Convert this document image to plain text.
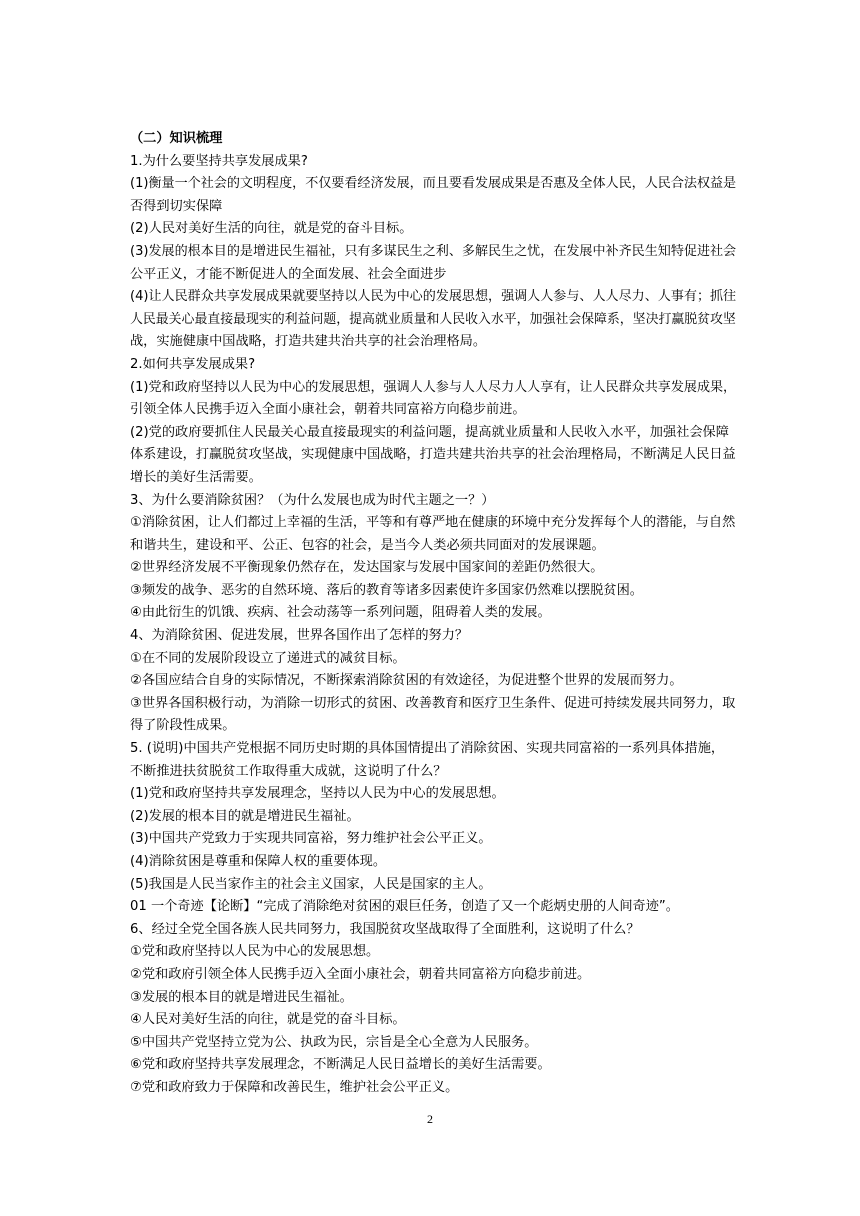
（二）知识梳理
1.为什么要坚持共享发展成果?
(1)衡量一个社会的文明程度，不仅要看经济发展，而且要看发展成果是否惠及全体人民，人民合法权益是
否得到切实保障
(2)人民对美好生活的向往，就是党的奋斗目标。
(3)发展的根本目的是增进民生福祉，只有多谋民生之利、多解民生之忧，在发展中补齐民生知特促进社会
公平正义，才能不断促进人的全面发展、社会全面进步
(4)让人民群众共享发展成果就要坚持以人民为中心的发展思想，强调人人参与、人人尽力、人事有；抓往
人民最关心最直接最现实的利益问题，提高就业质量和人民收入水平，加强社会保障系，坚决打赢脱贫攻坚
战，实施健康中国战略，打造共建共治共享的社会治理格局。
2.如何共享发展成果?
(1)党和政府坚持以人民为中心的发展思想，强调人人参与人人尽力人人享有，让人民群众共享发展成果，
引领全体人民携手迈入全面小康社会，朝着共同富裕方向稳步前进。
(2)党的政府要抓住人民最关心最直接最现实的利益问题，提高就业质量和人民收入水平，加强社会保障
体系建设，打赢脱贫攻坚战，实现健康中国战略，打造共建共治共享的社会治理格局，不断满足人民日益
增长的美好生活需要。
3、为什么要消除贫困？（为什么发展也成为时代主题之一？）
①消除贫困，让人们都过上幸福的生活，平等和有尊严地在健康的环境中充分发挥每个人的潜能，与自然
和谐共生，建设和平、公正、包容的社会，是当今人类必须共同面对的发展课题。
②世界经济发展不平衡现象仍然存在，发达国家与发展中国家间的差距仍然很大。
③频发的战争、恶劣的自然环境、落后的教育等诸多因素使许多国家仍然难以摆脱贫困。
④由此衍生的饥饿、疾病、社会动荡等一系列问题，阻碍着人类的发展。
4、为消除贫困、促进发展，世界各国作出了怎样的努力？
①在不同的发展阶段设立了递进式的减贫目标。
②各国应结合自身的实际情况，不断探索消除贫困的有效途径，为促进整个世界的发展而努力。
③世界各国积极行动，为消除一切形式的贫困、改善教育和医疗卫生条件、促进可持续发展共同努力，取
得了阶段性成果。
5. (说明)中国共产党根据不同历史时期的具体国情提出了消除贫困、实现共同富裕的一系列具体措施，
不断推进扶贫脱贫工作取得重大成就，这说明了什么？
(1)党和政府坚持共享发展理念，坚持以人民为中心的发展思想。
(2)发展的根本目的就是增进民生福祉。
(3)中国共产党致力于实现共同富裕，努力维护社会公平正义。
(4)消除贫困是尊重和保障人权的重要体现。
(5)我国是人民当家作主的社会主义国家，人民是国家的主人。
01 一个奇迹【论断】“完成了消除绝对贫困的艰巨任务，创造了又一个彪炳史册的人间奇迹”。
6、经过全党全国各族人民共同努力，我国脱贫攻坚战取得了全面胜利，这说明了什么？
①党和政府坚持以人民为中心的发展思想。
②党和政府引领全体人民携手迈入全面小康社会，朝着共同富裕方向稳步前进。
③发展的根本目的就是增进民生福祉。
④人民对美好生活的向往，就是党的奋斗目标。
⑤中国共产党坚持立党为公、执政为民，宗旨是全心全意为人民服务。
⑥党和政府坚持共享发展理念，不断满足人民日益增长的美好生活需要。
⑦党和政府致力于保障和改善民生，维护社会公平正义。
2
